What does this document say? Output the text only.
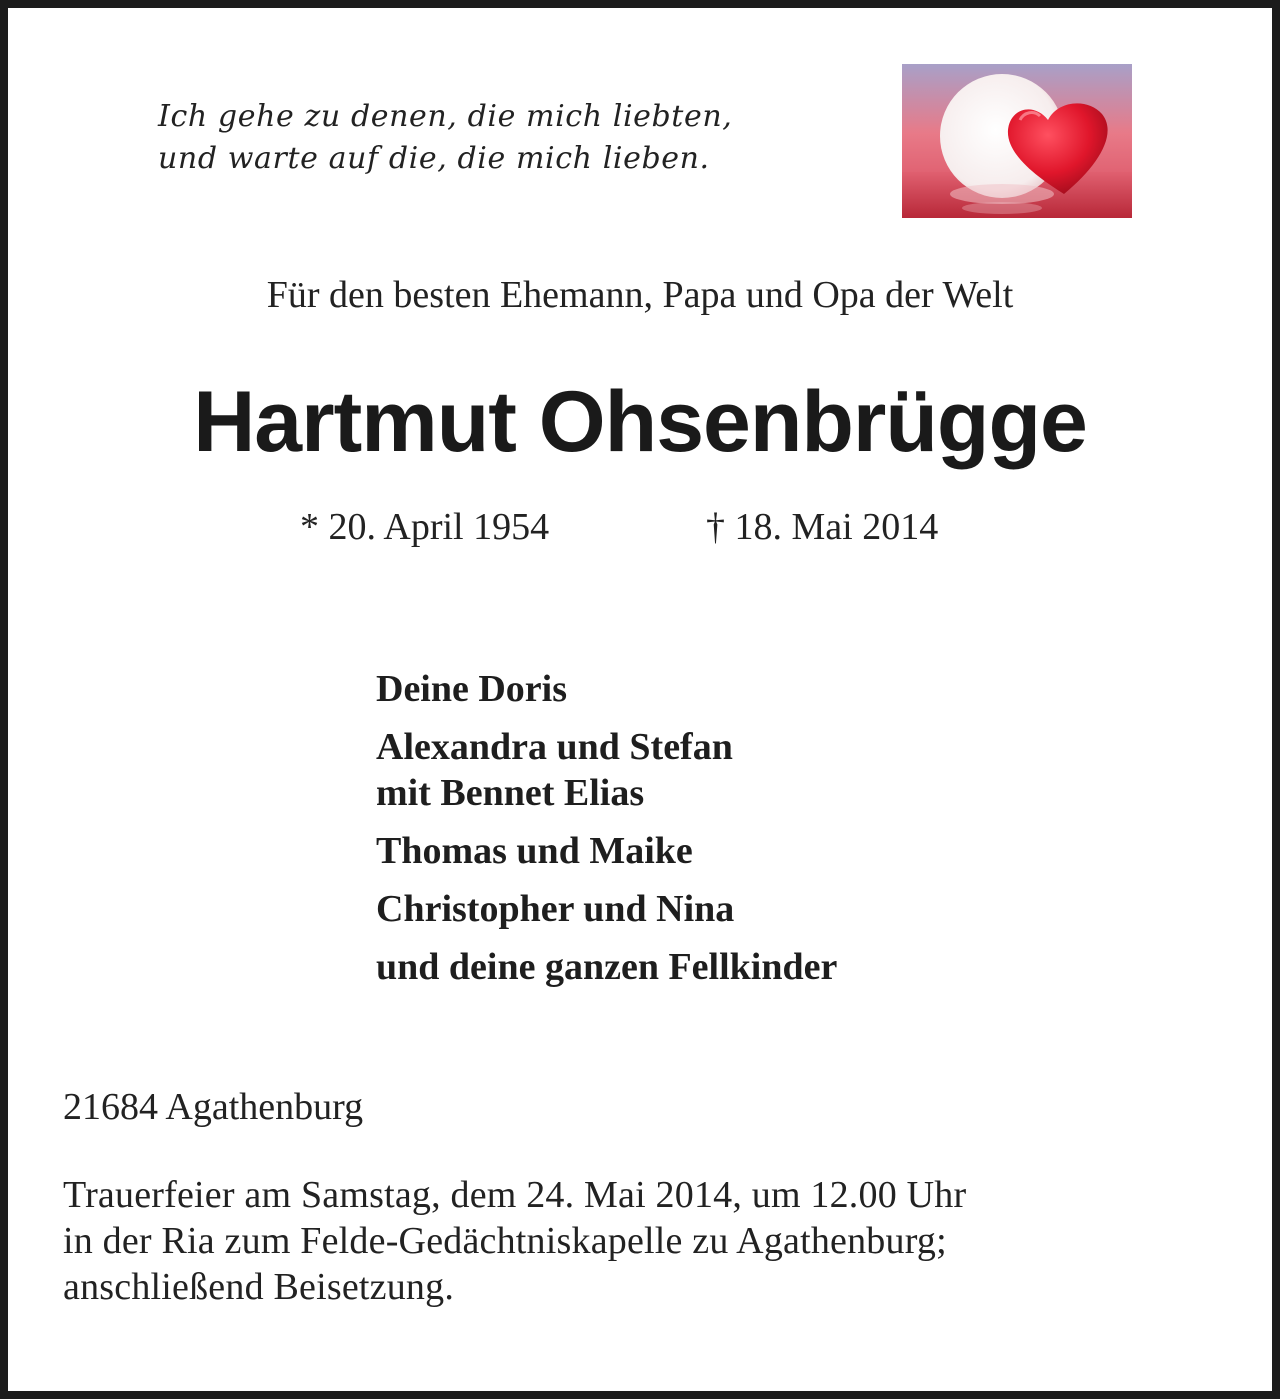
Ich gehe zu denen, die mich liebten,
und warte auf die, die mich lieben.
Für den besten Ehemann, Papa und Opa der Welt
Hartmut Ohsenbrügge
* 20. April 1954	† 18. Mai 2014
Deine Doris
Alexandra und Stefan
mit Bennet Elias
Thomas und Maike
Christopher und Nina
und deine ganzen Fellkinder
21684 Agathenburg
Trauerfeier am Samstag, dem 24. Mai 2014, um 12.00 Uhr
in der Ria zum Felde-Gedächtniskapelle zu Agathenburg;
anschließend Beisetzung.
